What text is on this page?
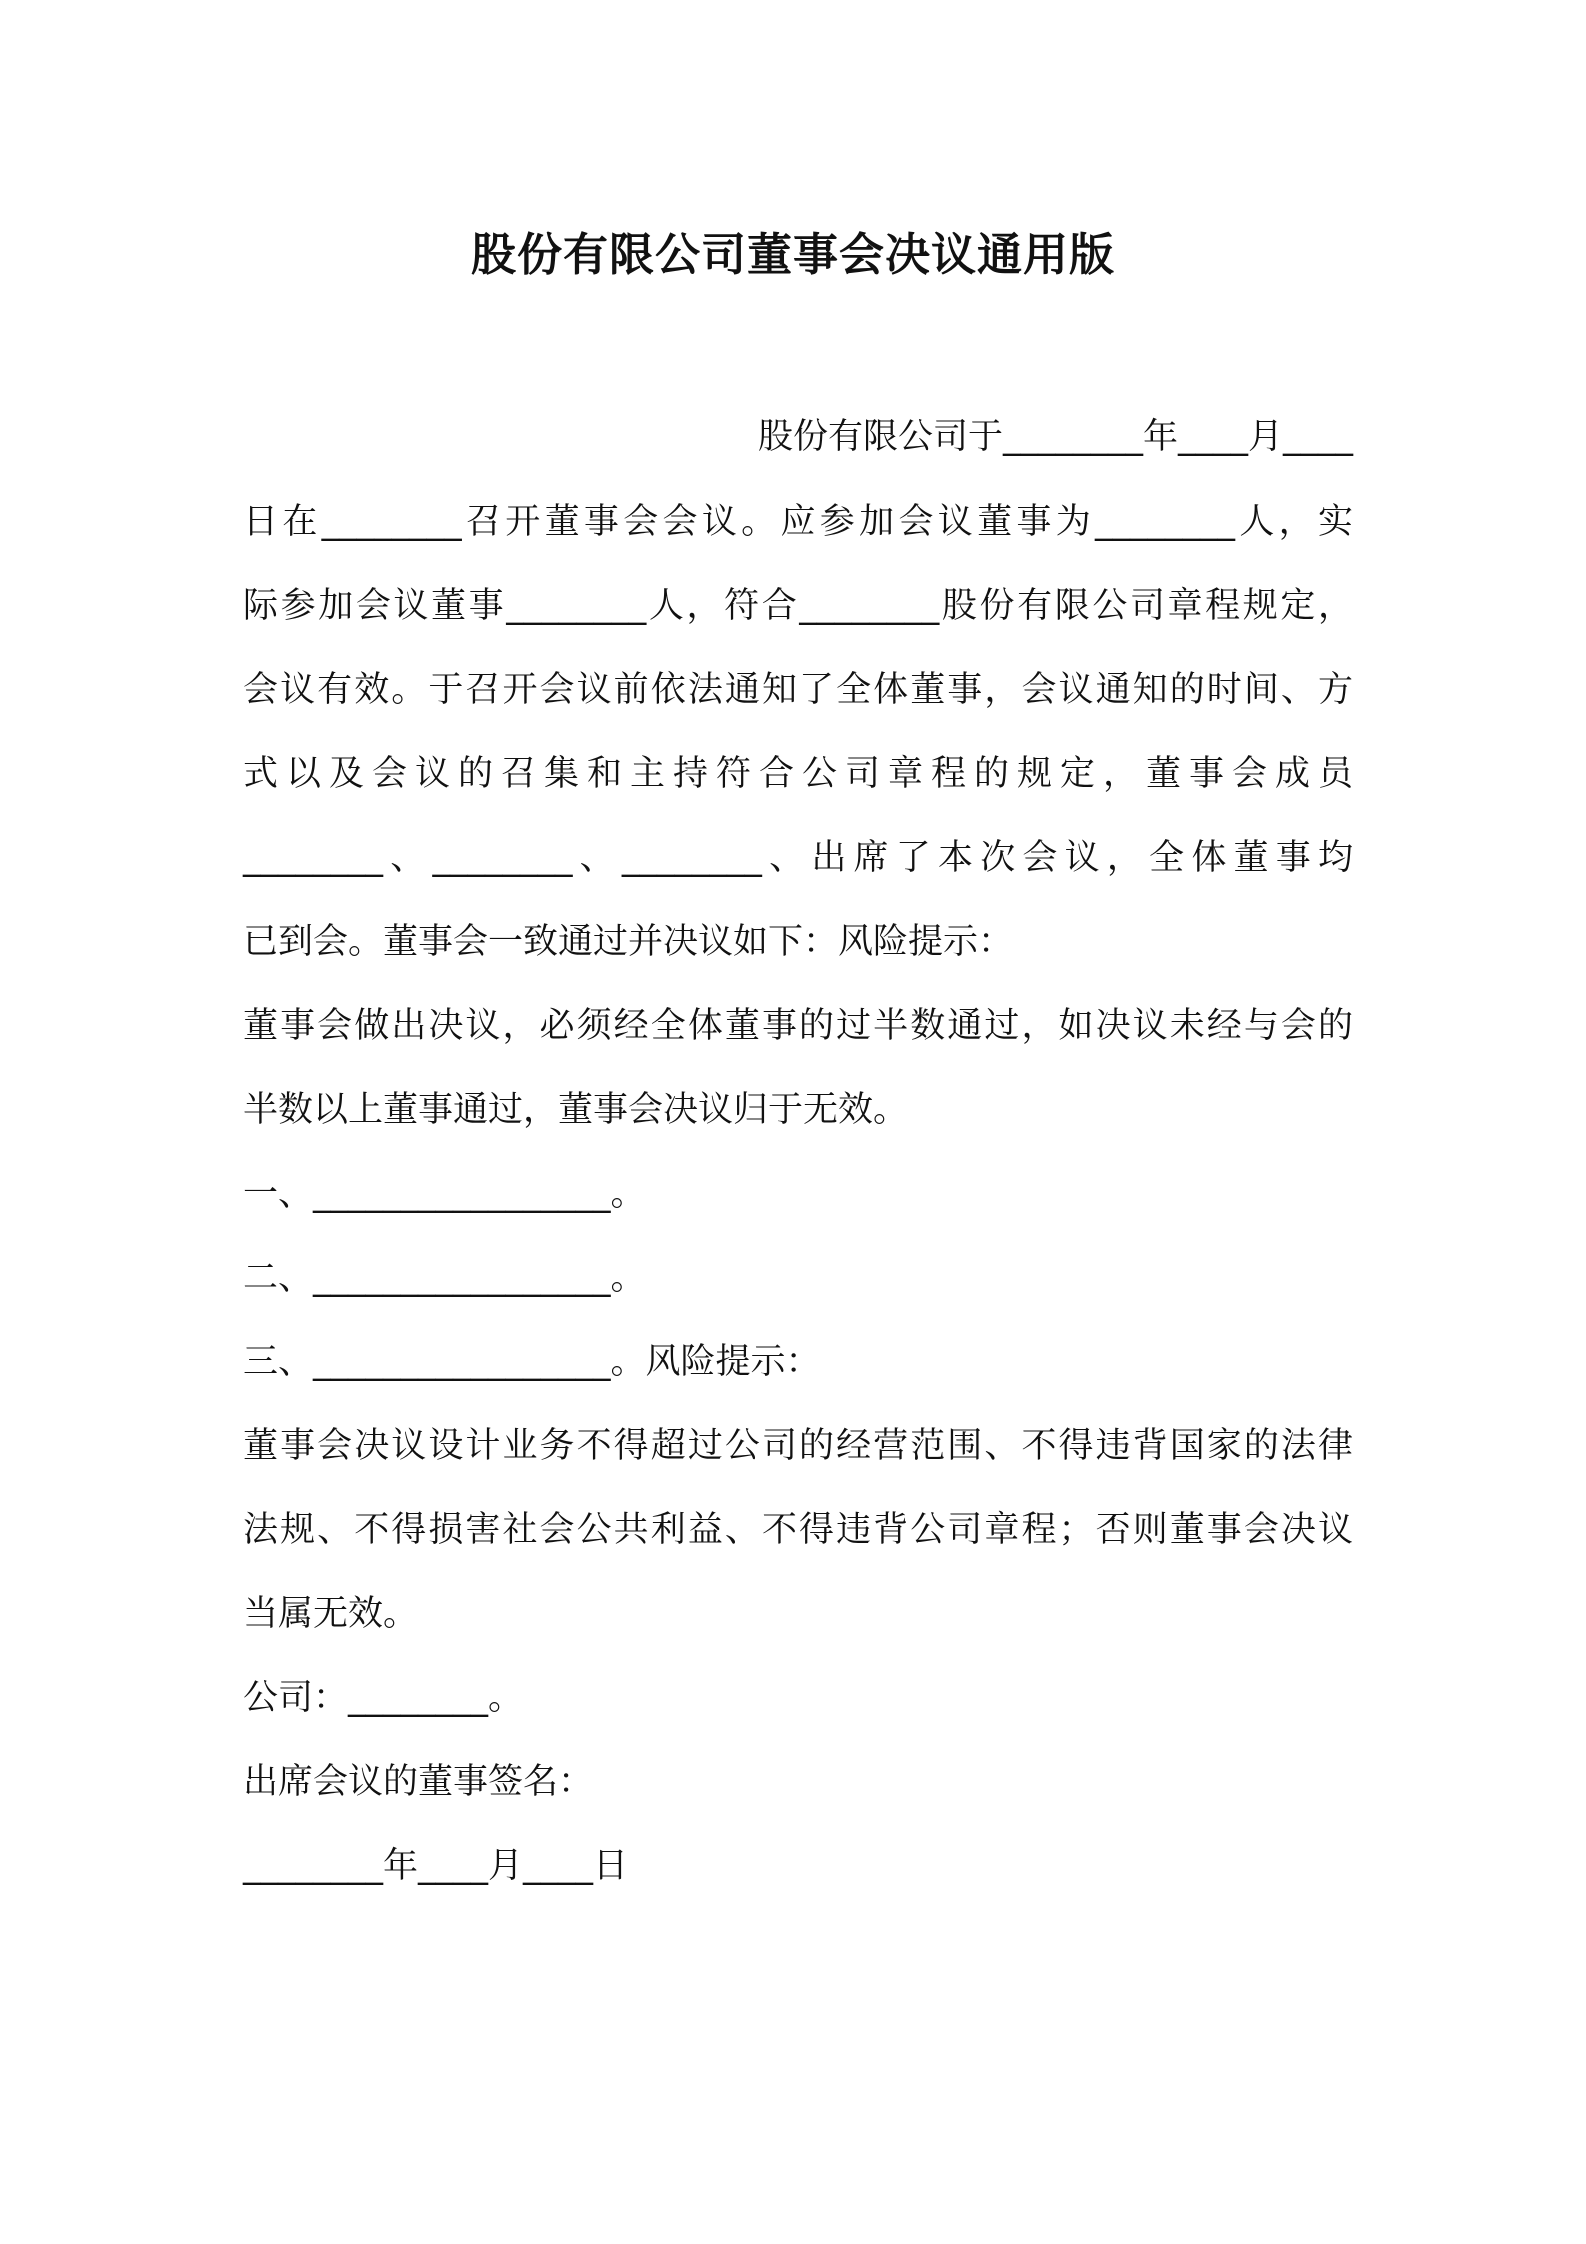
股份有限公司董事会决议通用版
股份有限公司于________年____月____
日在________召开董事会会议。应参加会议董事为________人，实
际参加会议董事________人，符合________股份有限公司章程规定，
会议有效。于召开会议前依法通知了全体董事，会议通知的时间、方
式以及会议的召集和主持符合公司章程的规定，董事会成员
________、________、________、出席了本次会议，全体董事均
已到会。董事会一致通过并决议如下：风险提示：
董事会做出决议，必须经全体董事的过半数通过，如决议未经与会的
半数以上董事通过，董事会决议归于无效。
一、_________________。
二、_________________。
三、_________________。风险提示：
董事会决议设计业务不得超过公司的经营范围、不得违背国家的法律
法规、不得损害社会公共利益、不得违背公司章程；否则董事会决议
当属无效。
公司：________。
出席会议的董事签名：
________年____月____日
